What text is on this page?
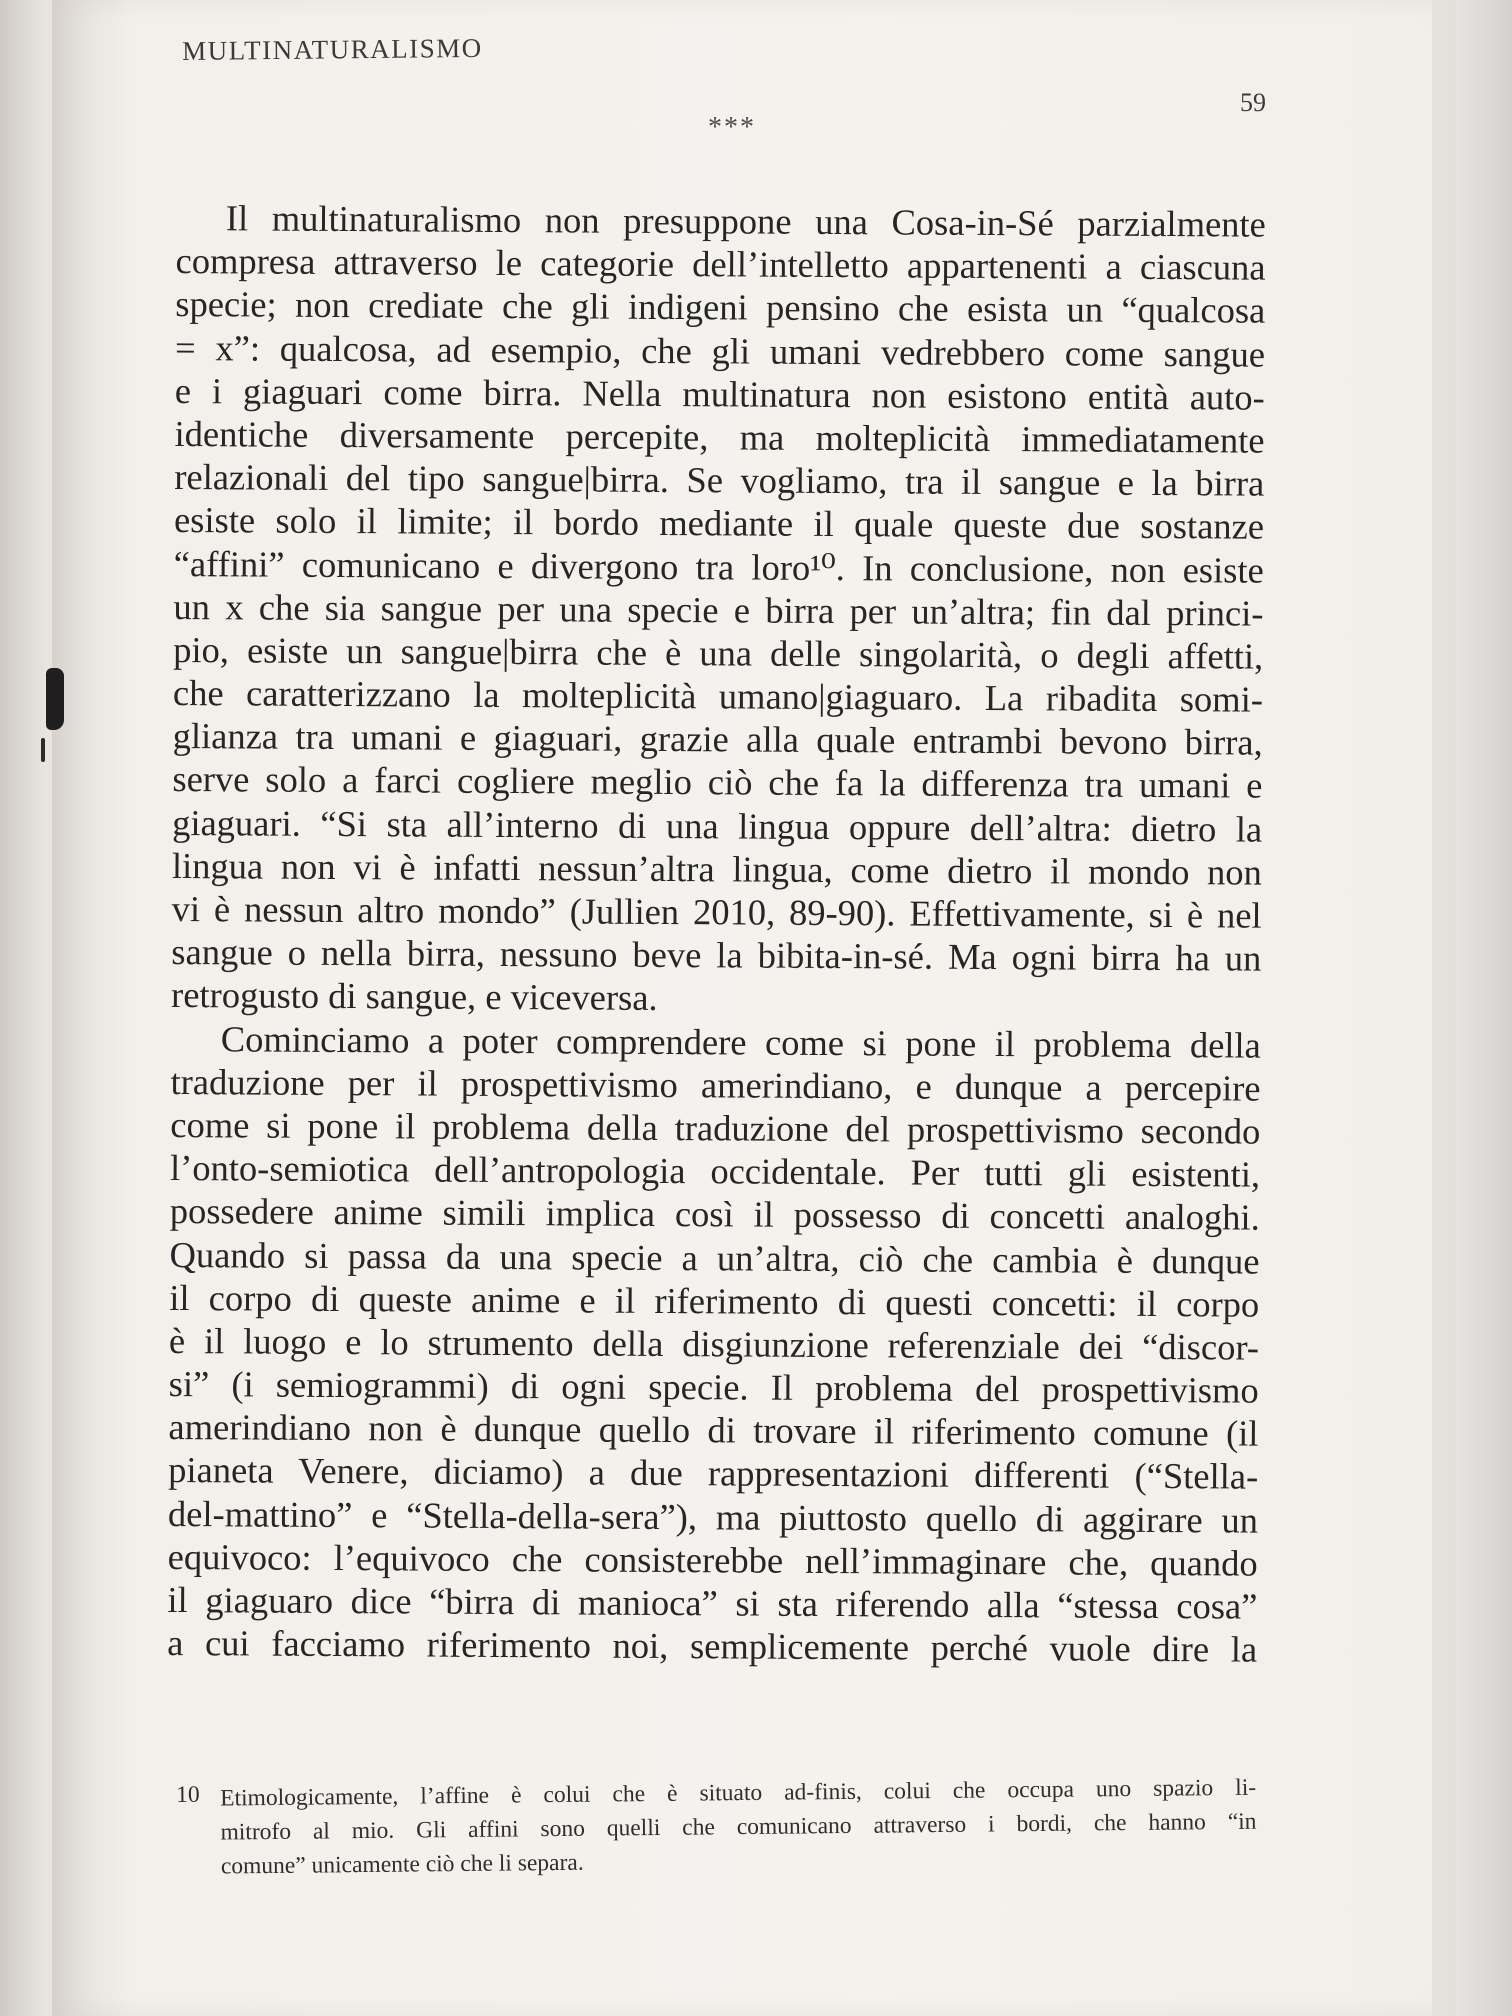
MULTINATURALISMO
59
***
Il multinaturalismo non presuppone una Cosa-in-Sé parzialmente
compresa attraverso le categorie dell’intelletto appartenenti a ciascuna
specie; non crediate che gli indigeni pensino che esista un “qualcosa
= x”: qualcosa, ad esempio, che gli umani vedrebbero come sangue
e i giaguari come birra. Nella multinatura non esistono entità auto-
identiche diversamente percepite, ma molteplicità immediatamente
relazionali del tipo sangue|birra. Se vogliamo, tra il sangue e la birra
esiste solo il limite; il bordo mediante il quale queste due sostanze
“affini” comunicano e divergono tra loro¹⁰. In conclusione, non esiste
un x che sia sangue per una specie e birra per un’altra; fin dal princi-
pio, esiste un sangue|birra che è una delle singolarità, o degli affetti,
che caratterizzano la molteplicità umano|giaguaro. La ribadita somi-
glianza tra umani e giaguari, grazie alla quale entrambi bevono birra,
serve solo a farci cogliere meglio ciò che fa la differenza tra umani e
giaguari. “Si sta all’interno di una lingua oppure dell’altra: dietro la
lingua non vi è infatti nessun’altra lingua, come dietro il mondo non
vi è nessun altro mondo” (Jullien 2010, 89-90). Effettivamente, si è nel
sangue o nella birra, nessuno beve la bibita-in-sé. Ma ogni birra ha un
retrogusto di sangue, e viceversa.
Cominciamo a poter comprendere come si pone il problema della
traduzione per il prospettivismo amerindiano, e dunque a percepire
come si pone il problema della traduzione del prospettivismo secondo
l’onto-semiotica dell’antropologia occidentale. Per tutti gli esistenti,
possedere anime simili implica così il possesso di concetti analoghi.
Quando si passa da una specie a un’altra, ciò che cambia è dunque
il corpo di queste anime e il riferimento di questi concetti: il corpo
è il luogo e lo strumento della disgiunzione referenziale dei “discor-
si” (i semiogrammi) di ogni specie. Il problema del prospettivismo
amerindiano non è dunque quello di trovare il riferimento comune (il
pianeta Venere, diciamo) a due rappresentazioni differenti (“Stella-
del-mattino” e “Stella-della-sera”), ma piuttosto quello di aggirare un
equivoco: l’equivoco che consisterebbe nell’immaginare che, quando
il giaguaro dice “birra di manioca” si sta riferendo alla “stessa cosa”
a cui facciamo riferimento noi, semplicemente perché vuole dire la
10 Etimologicamente, l’affine è colui che è situato ad-finis, colui che occupa uno spazio li-
mitrofo al mio. Gli affini sono quelli che comunicano attraverso i bordi, che hanno “in
comune” unicamente ciò che li separa.
